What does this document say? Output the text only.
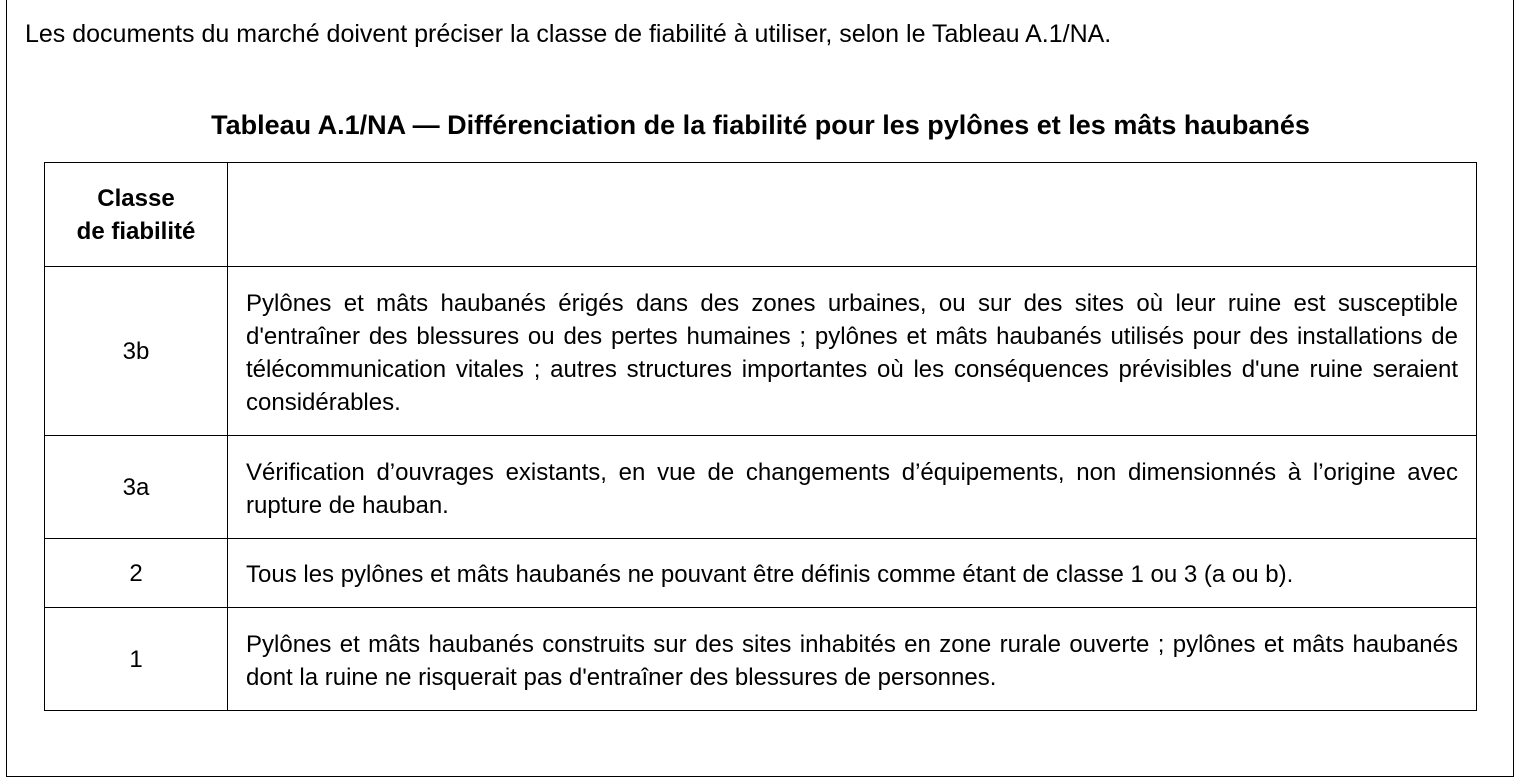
Les documents du marché doivent préciser la classe de fiabilité à utiliser, selon le Tableau A.1/NA.
Tableau A.1/NA — Différenciation de la fiabilité pour les pylônes et les mâts haubanés
Classe
de fiabilité	

3b	Pylônes et mâts haubanés érigés dans des zones urbaines, ou sur des sites où leur ruine est susceptible d'entraîner des blessures ou des pertes humaines ; pylônes et mâts haubanés utilisés pour des installations de télécommunication vitales ; autres structures importantes où les conséquences prévisibles d'une ruine seraient considérables.

3a	Vérification d’ouvrages existants, en vue de changements d’équipements, non dimensionnés à l’origine avec rupture de hauban.

2	Tous les pylônes et mâts haubanés ne pouvant être définis comme étant de classe 1 ou 3 (a ou b).

1	Pylônes et mâts haubanés construits sur des sites inhabités en zone rurale ouverte ; pylônes et mâts haubanés dont la ruine ne risquerait pas d'entraîner des blessures de personnes.
